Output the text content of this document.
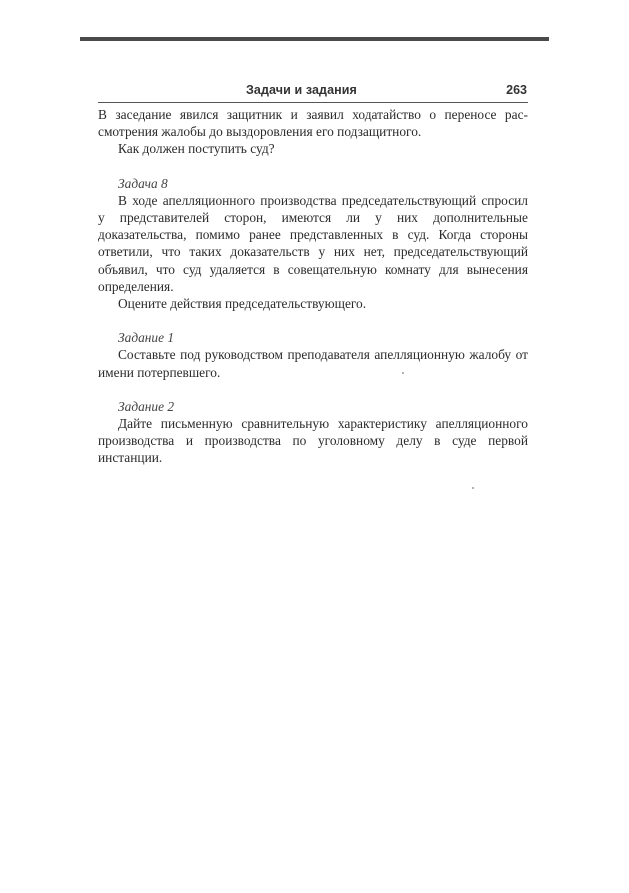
Задачи и задания	263

В заседание явился защитник и заявил ходатайство о переносе рассмотрения жалобы до выздоровления его подзащитного.

Как должен поступить суд?

Задача 8

В ходе апелляционного производства председательствующий спросил у представителей сторон, имеются ли у них дополнительные доказательства, помимо ранее представленных в суд. Когда стороны ответили, что таких доказательств у них нет, председательствующий объявил, что суд удаляется в совещательную комнату для вынесения определения.

Оцените действия председательствующего.

Задание 1

Составьте под руководством преподавателя апелляционную жалобу от имени потерпевшего.

Задание 2

Дайте письменную сравнительную характеристику апелляционного производства и производства по уголовному делу в суде первой инстанции.
